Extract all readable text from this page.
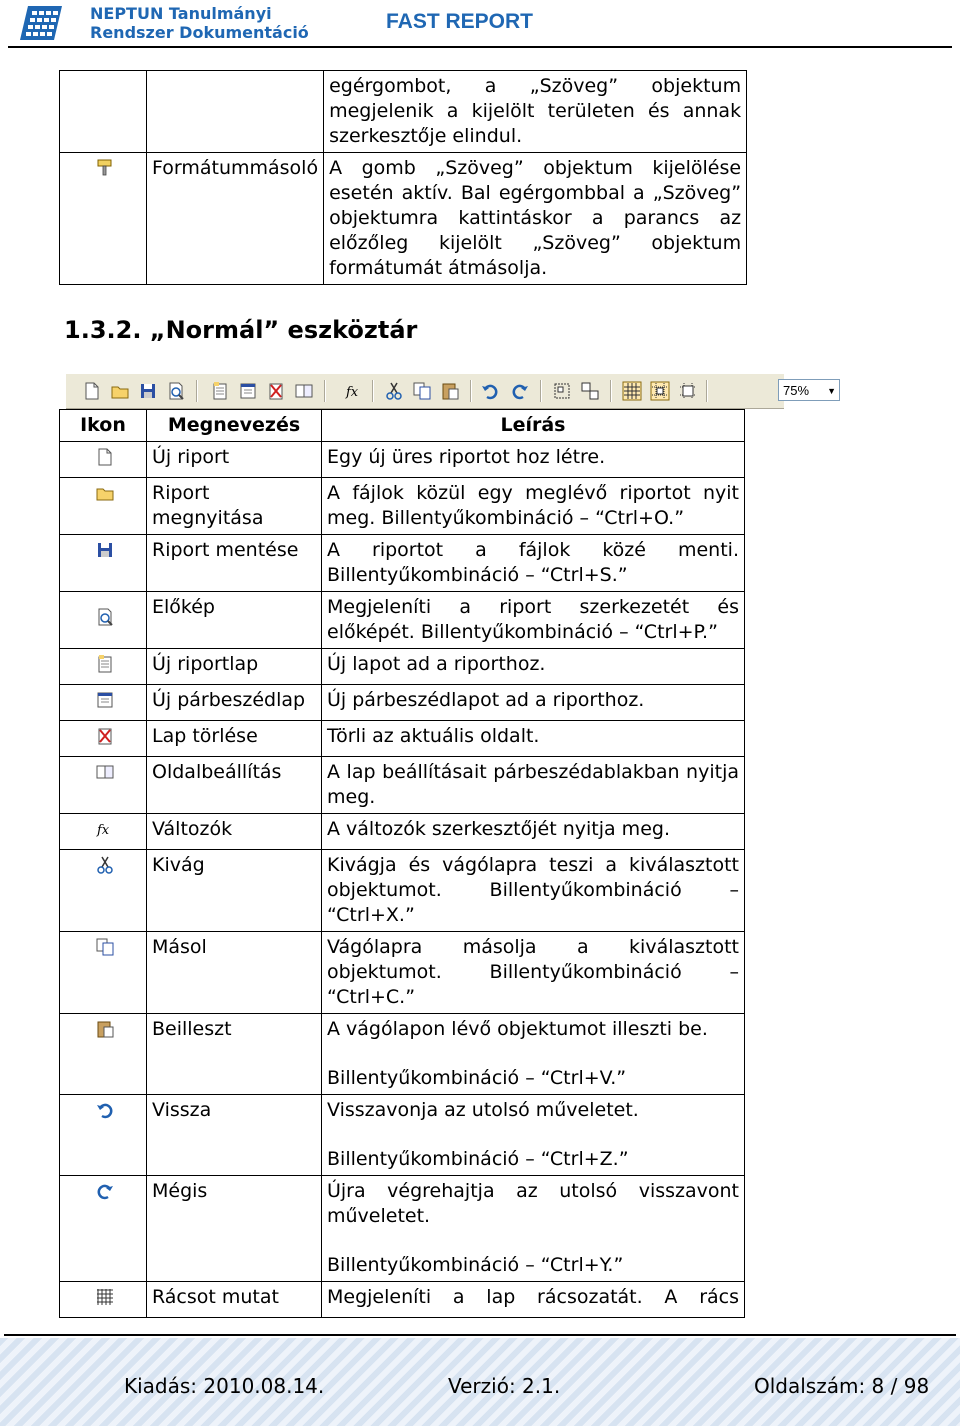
NEPTUN Tanulmányi
Rendszer Dokumentáció	FAST REPORT
		egérgombot, a „Szöveg” objektum megjelenik a kijelölt területen és annak szerkesztője elindul.
	Formátummásoló	A gomb „Szöveg” objektum kijelölése esetén aktív. Bal egérgombbal a „Szöveg” objektumra kattintáskor a parancs az előzőleg kijelölt „Szöveg” objektum formátumát átmásolja.
1.3.2. „Normál” eszköztár
fx	75% ▼
Ikon	Megnevezés	Leírás
	Új riport	Egy új üres riportot hoz létre.

	Riport megnyitása	A fájlok közül egy meglévő riportot nyit meg. Billentyűkombináció – “Ctrl+O.”

	Riport mentése	A riportot a fájlok közé menti. Billentyűkombináció – “Ctrl+S.”

	Előkép	Megjeleníti a riport szerkezetét és előképét. Billentyűkombináció – “Ctrl+P.”

	Új riportlap	Új lapot ad a riporthoz.

	Új párbeszédlap	Új párbeszédlapot ad a riporthoz.

	Lap törlése	Törli az aktuális oldalt.

	Oldalbeállítás	A lap beállításait párbeszédablakban nyitja meg.

fx	Változók	A változók szerkesztőjét nyitja meg.

	Kivág	Kivágja és vágólapra teszi a kiválasztott objektumot. Billentyűkombináció – “Ctrl+X.”

	Másol	Vágólapra másolja a kiválasztott objektumot. Billentyűkombináció – “Ctrl+C.”

	Beilleszt	A vágólapon lévő objektumot illeszti be.
Billentyűkombináció – “Ctrl+V.”

	Vissza	Visszavonja az utolsó műveletet.
Billentyűkombináció – “Ctrl+Z.”

	Mégis	Újra végrehajtja az utolsó visszavont műveletet.
Billentyűkombináció – “Ctrl+Y.”

	Rácsot mutat	Megjeleníti a lap rácsozatát. A rács
Kiadás: 2010.08.14.	Verzió: 2.1.	Oldalszám: 8 / 98
